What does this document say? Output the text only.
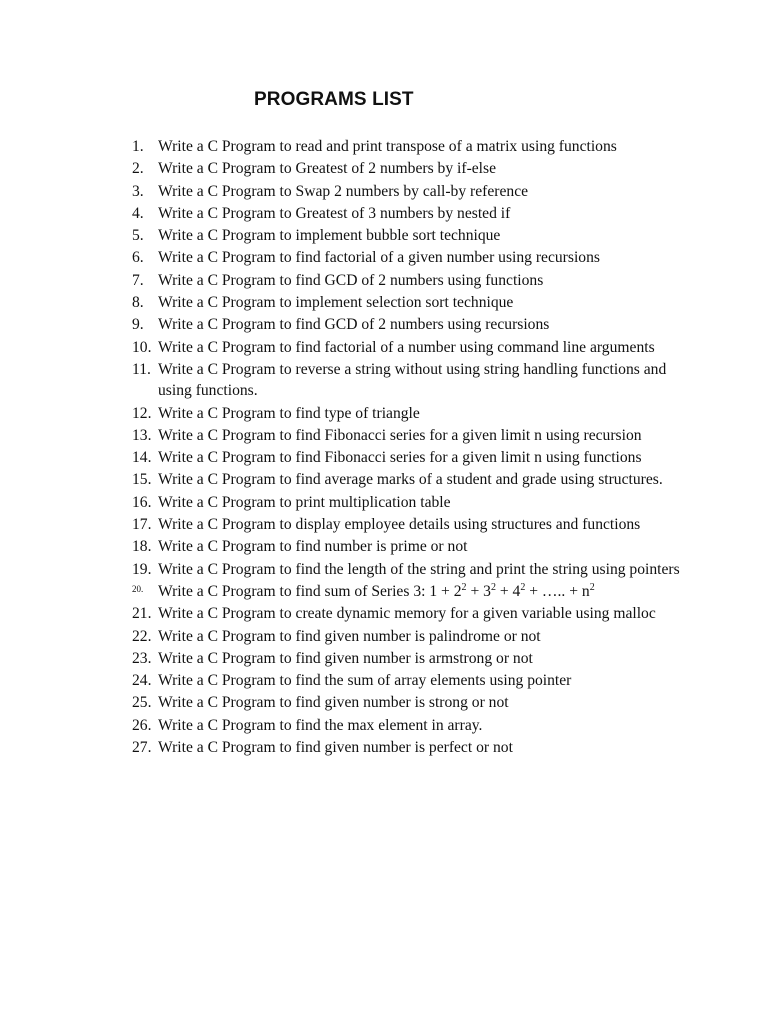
PROGRAMS LIST
1. Write a C Program to read and print transpose of a matrix using functions
2. Write a C Program to Greatest of 2 numbers by if-else
3. Write a C Program to Swap 2 numbers by call-by reference
4. Write a C Program to Greatest of 3 numbers by nested if
5. Write a C Program to implement bubble sort technique
6. Write a C Program to find factorial of a given number using recursions
7. Write a C Program to find GCD of 2 numbers using functions
8. Write a C Program to implement selection sort technique
9. Write a C Program to find GCD of 2 numbers using recursions
10. Write a C Program to find factorial of a number using command line arguments
11. Write a C Program to reverse a string without using string handling functions and using functions.
12. Write a C Program to find type of triangle
13. Write a C Program to find Fibonacci series for a given limit n using recursion
14. Write a C Program to find Fibonacci series for a given limit n using functions
15. Write a C Program to find average marks of a student and grade using structures.
16. Write a C Program to print multiplication table
17. Write a C Program to display employee details using structures and functions
18. Write a C Program to find number is prime or not
19. Write a C Program to find the length of the string and print the string using pointers
20. Write a C Program to find sum of Series 3: $1 + 2^2 + 3^2 + 4^2$ + ….. + $n^2$
21. Write a C Program to create dynamic memory for a given variable using malloc
22. Write a C Program to find given number is palindrome or not
23. Write a C Program to find given number is armstrong or not
24. Write a C Program to find the sum of array elements using pointer
25. Write a C Program to find given number is strong or not
26. Write a C Program to find the max element in array.
27. Write a C Program to find given number is perfect or not
